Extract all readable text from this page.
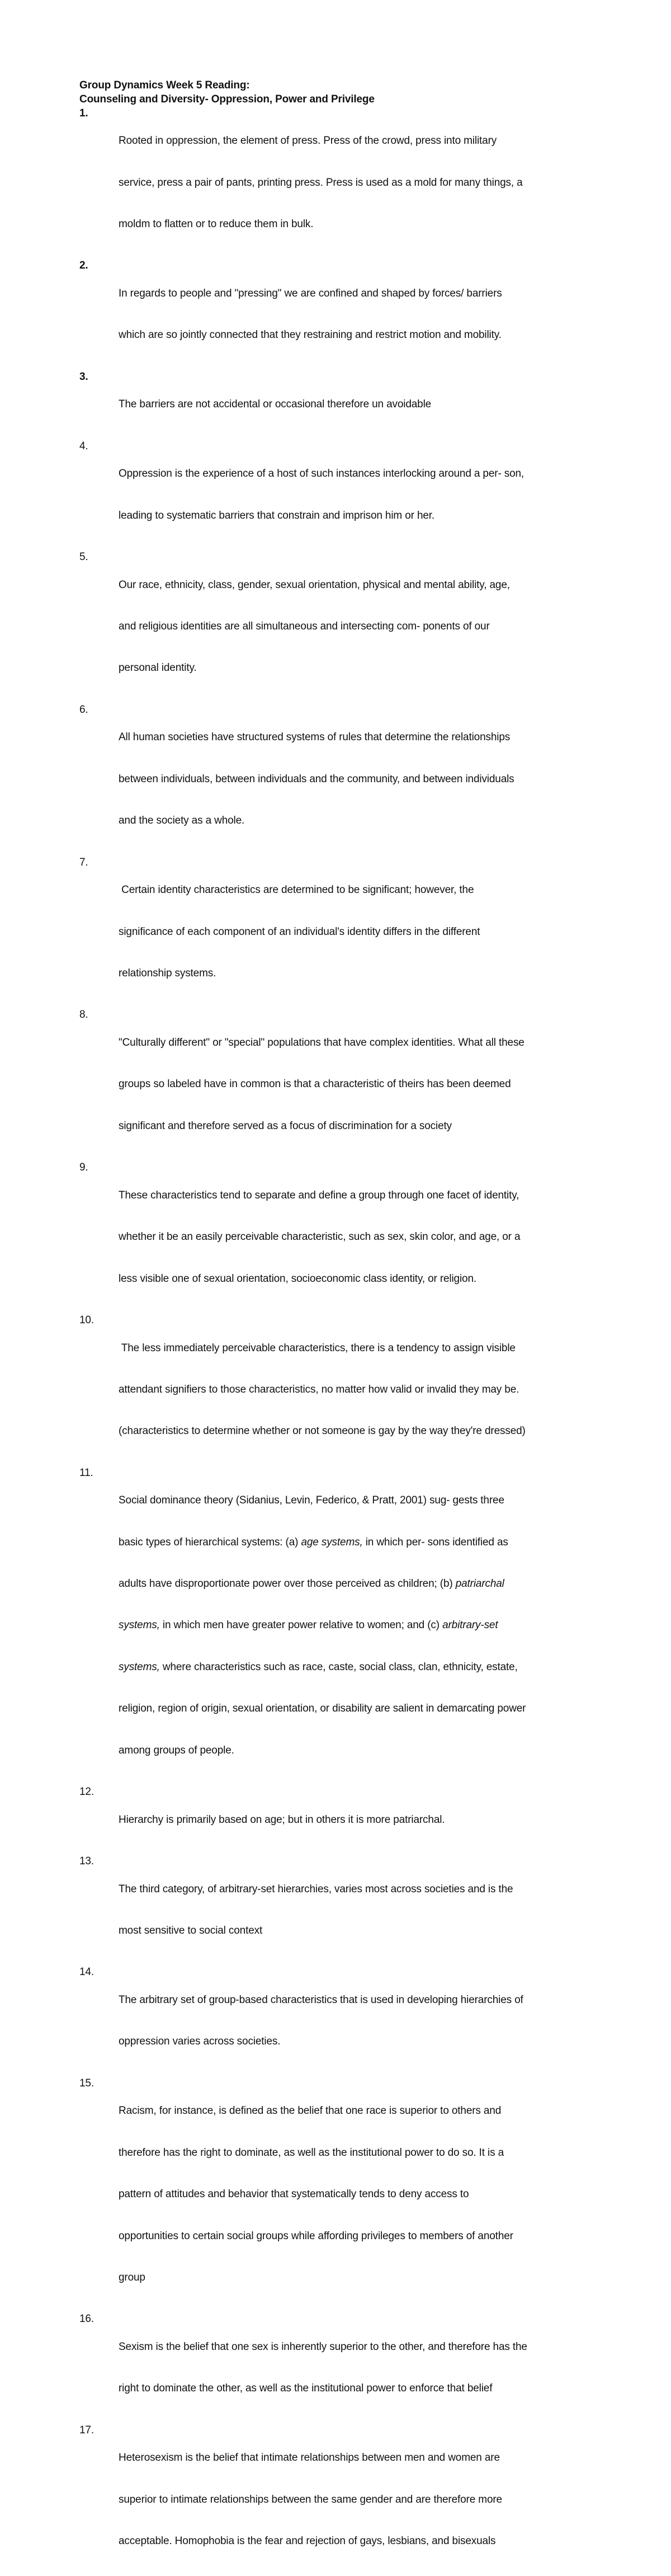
Group Dynamics Week 5 Reading:
Counseling and Diversity- Oppression, Power and Privilege
1.

Rooted in oppression, the element of press. Press of the crowd, press into military

service, press a pair of pants, printing press. Press is used as a mold for many things, a

moldm to flatten or to reduce them in bulk.

2.

In regards to people and "pressing" we are confined and shaped by forces/ barriers

which are so jointly connected that they restraining and restrict motion and mobility.

3.

The barriers are not accidental or occasional therefore un avoidable

4.

Oppression is the experience of a host of such instances interlocking around a per- son,

leading to systematic barriers that constrain and imprison him or her.

5.

Our race, ethnicity, class, gender, sexual orientation, physical and mental ability, age,

and religious identities are all simultaneous and intersecting com- ponents of our

personal identity.

6.

All human societies have structured systems of rules that determine the relationships

between individuals, between individuals and the community, and between individuals

and the society as a whole.

7.

Certain identity characteristics are determined to be significant; however, the

significance of each component of an individual's identity differs in the different

relationship systems.

8.

"Culturally different" or "special" populations that have complex identities. What all these

groups so labeled have in common is that a characteristic of theirs has been deemed

significant and therefore served as a focus of discrimination for a society

9.

These characteristics tend to separate and define a group through one facet of identity,

whether it be an easily perceivable characteristic, such as sex, skin color, and age, or a

less visible one of sexual orientation, socioeconomic class identity, or religion.

10.

The less immediately perceivable characteristics, there is a tendency to assign visible

attendant signifiers to those characteristics, no matter how valid or invalid they may be.

(characteristics to determine whether or not someone is gay by the way they're dressed)

11.

Social dominance theory (Sidanius, Levin, Federico, & Pratt, 2001) sug- gests three

basic types of hierarchical systems: (a) age systems, in which per- sons identified as

adults have disproportionate power over those perceived as children; (b) patriarchal

systems, in which men have greater power relative to women; and (c) arbitrary-set

systems, where characteristics such as race, caste, social class, clan, ethnicity, estate,

religion, region of origin, sexual orientation, or disability are salient in demarcating power

among groups of people.

12.

Hierarchy is primarily based on age; but in others it is more patriarchal.

13.

The third category, of arbitrary-set hierarchies, varies most across societies and is the

most sensitive to social context

14.

The arbitrary set of group-based characteristics that is used in developing hierarchies of

oppression varies across societies.

15.

Racism, for instance, is defined as the belief that one race is superior to others and

therefore has the right to dominate, as well as the institutional power to do so. It is a

pattern of attitudes and behavior that systematically tends to deny access to

opportunities to certain social groups while affording privileges to members of another

group

16.

Sexism is the belief that one sex is inherently superior to the other, and therefore has the

right to dominate the other, as well as the institutional power to enforce that belief

17.

Heterosexism is the belief that intimate relationships between men and women are

superior to intimate relationships between the same gender and are therefore more

acceptable. Homophobia is the fear and rejection of gays, lesbians, and bisexuals
